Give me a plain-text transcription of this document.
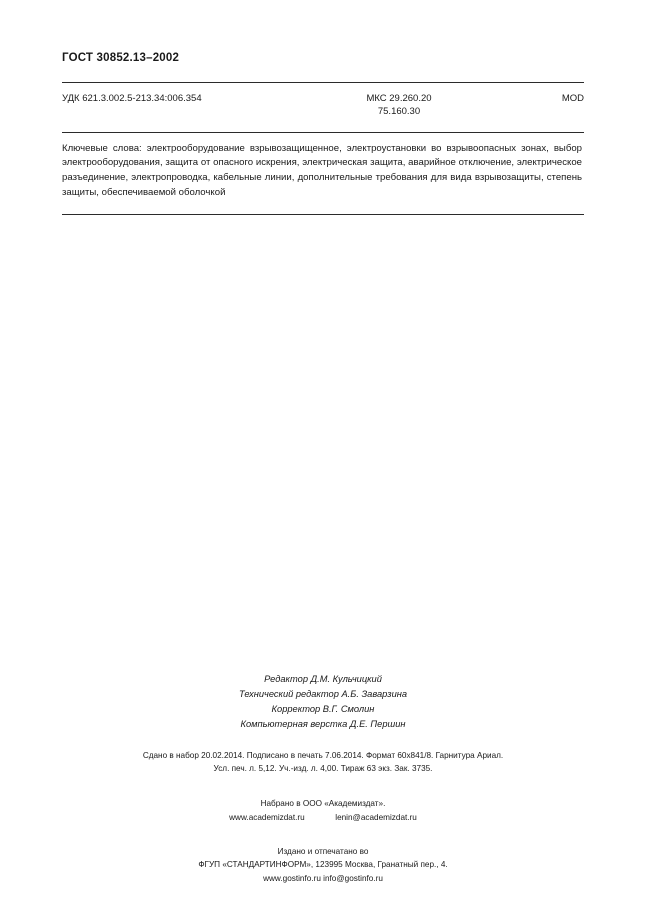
ГОСТ 30852.13–2002
УДК 621.3.002.5-213.34:006.354	МКС 29.260.20
75.160.30
MOD
Ключевые слова: электрооборудование взрывозащищенное, электроустановки во взрывоопасных зонах, выбор электрооборудования, защита от опасного искрения, электрическая защита, аварийное отключение, электрическое разъединение, электропроводка, кабельные линии, дополнительные требования для вида взрывозащиты, степень защиты, обеспечиваемой оболочкой
Редактор Д.М. Кульчицкий
Технический редактор А.Б. Заварзина
Корректор В.Г. Смолин
Компьютерная верстка Д.Е. Першин
Сдано в набор 20.02.2014. Подписано в печать 7.06.2014. Формат 60х841/8. Гарнитура Ариал.
Усл. печ. л. 5,12. Уч.-изд. л. 4,00. Тираж 63 экз. Зак. 3735.
Набрано в ООО «Академиздат».
www.academizdat.ru	lenin@academizdat.ru
Издано и отпечатано во
ФГУП «СТАНДАРТИНФОРМ», 123995 Москва, Гранатный пер., 4.
www.gostinfo.ru info@gostinfo.ru
